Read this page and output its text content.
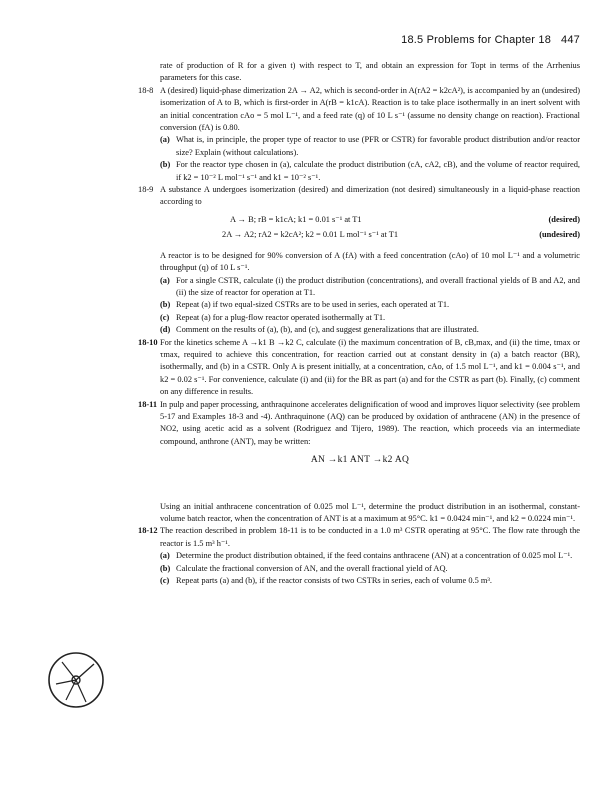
18.5 Problems for Chapter 18 447

rate of production of R for a given t) with respect to T, and obtain an expression for Topt in terms of the Arrhenius parameters for this case.

18-8 A (desired) liquid-phase dimerization 2A → A2, which is second-order in A(rA2 = k2cA²), is accompanied by an (undesired) isomerization of A to B, which is first-order in A(rB = k1cA). Reaction is to take place isothermally in an inert solvent with an initial concentration cAo = 5 mol L⁻¹, and a feed rate (q) of 10 L s⁻¹ (assume no density change on reaction). Fractional conversion (fA) is 0.80.

(a) What is, in principle, the proper type of reactor to use (PFR or CSTR) for favorable product distribution and/or reactor size? Explain (without calculations).
(b) For the reactor type chosen in (a), calculate the product distribution (cA, cA2, cB), and the volume of reactor required, if k2 = 10⁻² L mol⁻¹ s⁻¹ and k1 = 10⁻² s⁻¹.
18-9 A substance A undergoes isomerization (desired) and dimerization (not desired) simultaneously in a liquid-phase reaction according to

A → B; rB = k1cA; k1 = 0.01 s⁻¹ at T1	(desired)
2A → A2; rA2 = k2cA²; k2 = 0.01 L mol⁻¹ s⁻¹ at T1	(undesired)

A reactor is to be designed for 90% conversion of A (fA) with a feed concentration (cAo) of 10 mol L⁻¹ and a volumetric throughput (q) of 10 L s⁻¹.

(a) For a single CSTR, calculate (i) the product distribution (concentrations), and overall fractional yields of B and A2, and (ii) the size of reactor for operation at T1.
(b) Repeat (a) if two equal-sized CSTRs are to be used in series, each operated at T1.
(c) Repeat (a) for a plug-flow reactor operated isothermally at T1.
(d) Comment on the results of (a), (b), and (c), and suggest generalizations that are illustrated.
18-10 For the kinetics scheme A →k1 B →k2 C, calculate (i) the maximum concentration of B, cB,max, and (ii) the time, tmax or τmax, required to achieve this concentration, for reaction carried out at constant density in (a) a batch reactor (BR), isothermally, and (b) in a CSTR. Only A is present initially, at a concentration, cAo, of 1.5 mol L⁻¹, and k1 = 0.004 s⁻¹, and k2 = 0.02 s⁻¹. For convenience, calculate (i) and (ii) for the BR as part (a) and for the CSTR as part (b). Finally, (c) comment on any difference in results.

18-11 In pulp and paper processing, anthraquinone accelerates delignification of wood and improves liquor selectivity (see problem 5-17 and Examples 18-3 and -4). Anthraquinone (AQ) can be produced by oxidation of anthracene (AN) in the presence of NO2, using acetic acid as a solvent (Rodriguez and Tijero, 1989). The reaction, which proceeds via an intermediate compound, anthrone (ANT), may be written:

AN →k1 ANT →k2 AQ

Using an initial anthracene concentration of 0.025 mol L⁻¹, determine the product distribution in an isothermal, constant-volume batch reactor, when the concentration of ANT is at a maximum at 95°C. k1 = 0.0424 min⁻¹, and k2 = 0.0224 min⁻¹.

18-12 The reaction described in problem 18-11 is to be conducted in a 1.0 m³ CSTR operating at 95°C. The flow rate through the reactor is 1.5 m³ h⁻¹.

(a) Determine the product distribution obtained, if the feed contains anthracene (AN) at a concentration of 0.025 mol L⁻¹.
(b) Calculate the fractional conversion of AN, and the overall fractional yield of AQ.
(c) Repeat parts (a) and (b), if the reactor consists of two CSTRs in series, each of volume 0.5 m³.
